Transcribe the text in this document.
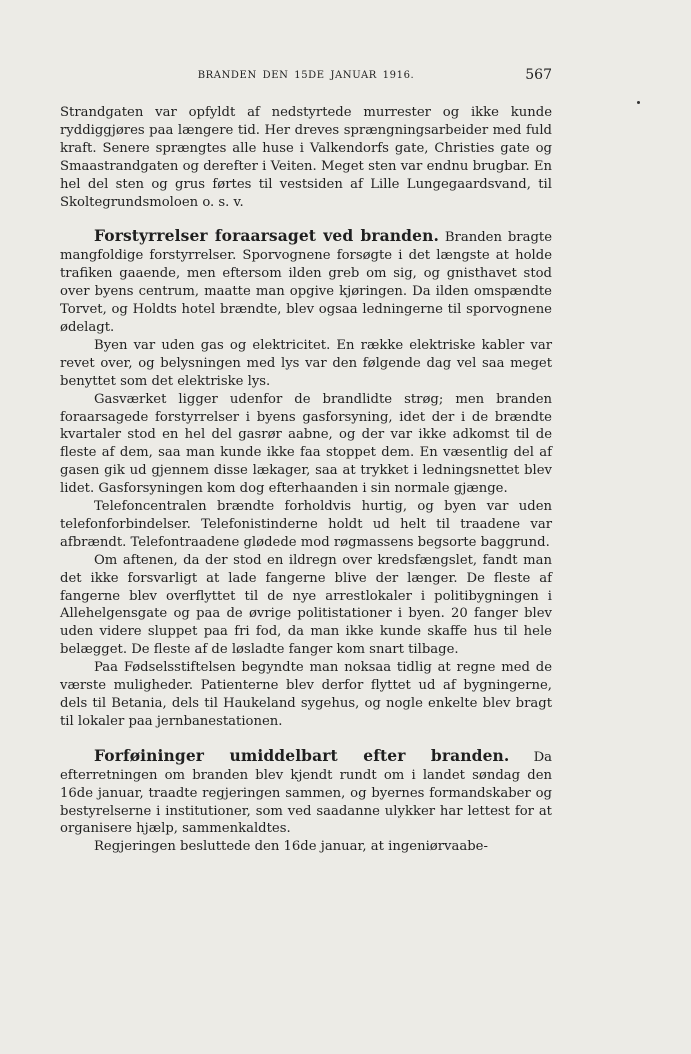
BRANDEN DEN 15DE JANUAR 1916.	567

Strandgaten var opfyldt af nedstyrtede murrester og ikke kunde ryddiggjøres paa længere tid. Her dreves sprængningsarbeider med fuld kraft. Senere sprængtes alle huse i Valkendorfs gate, Christies gate og Smaastrandgaten og derefter i Veiten. Meget sten var endnu brugbar. En hel del sten og grus førtes til vestsiden af Lille Lungegaardsvand, til Skoltegrundsmoloen o. s. v.

Forstyrrelser foraarsaget ved branden. Branden bragte mangfoldige forstyrrelser. Sporvognene forsøgte i det længste at holde trafiken gaaende, men eftersom ilden greb om sig, og gnisthavet stod over byens centrum, maatte man opgive kjøringen. Da ilden omspændte Torvet, og Holdts hotel brændte, blev ogsaa ledningerne til sporvognene ødelagt.

Byen var uden gas og elektricitet. En række elektriske kabler var revet over, og belysningen med lys var den følgende dag vel saa meget benyttet som det elektriske lys.

Gasværket ligger udenfor de brandlidte strøg; men branden foraarsagede forstyrrelser i byens gasforsyning, idet der i de brændte kvartaler stod en hel del gasrør aabne, og der var ikke adkomst til de fleste af dem, saa man kunde ikke faa stoppet dem. En væsentlig del af gasen gik ud gjennem disse lækager, saa at trykket i ledningsnettet blev lidet. Gasforsyningen kom dog efterhaanden i sin normale gjænge.

Telefoncentralen brændte forholdvis hurtig, og byen var uden telefonforbindelser. Telefonistinderne holdt ud helt til traadene var afbrændt. Telefontraadene glødede mod røgmassens begsorte baggrund.

Om aftenen, da der stod en ildregn over kredsfængslet, fandt man det ikke forsvarligt at lade fangerne blive der længer. De fleste af fangerne blev overflyttet til de nye arrestlokaler i politibygningen i Allehelgensgate og paa de øvrige politistationer i byen. 20 fanger blev uden videre sluppet paa fri fod, da man ikke kunde skaffe hus til hele belægget. De fleste af de løsladte fanger kom snart tilbage.

Paa Fødselsstiftelsen begyndte man noksaa tidlig at regne med de værste muligheder. Patienterne blev derfor flyttet ud af bygningerne, dels til Betania, dels til Haukeland sygehus, og nogle enkelte blev bragt til lokaler paa jernbanestationen.

Forføininger umiddelbart efter branden. Da efterretningen om branden blev kjendt rundt om i landet søndag den 16de januar, traadte regjeringen sammen, og byernes formandskaber og bestyrelserne i institutioner, som ved saadanne ulykker har lettest for at organisere hjælp, sammenkaldtes.

Regjeringen besluttede den 16de januar, at ingeniørvaabe-
